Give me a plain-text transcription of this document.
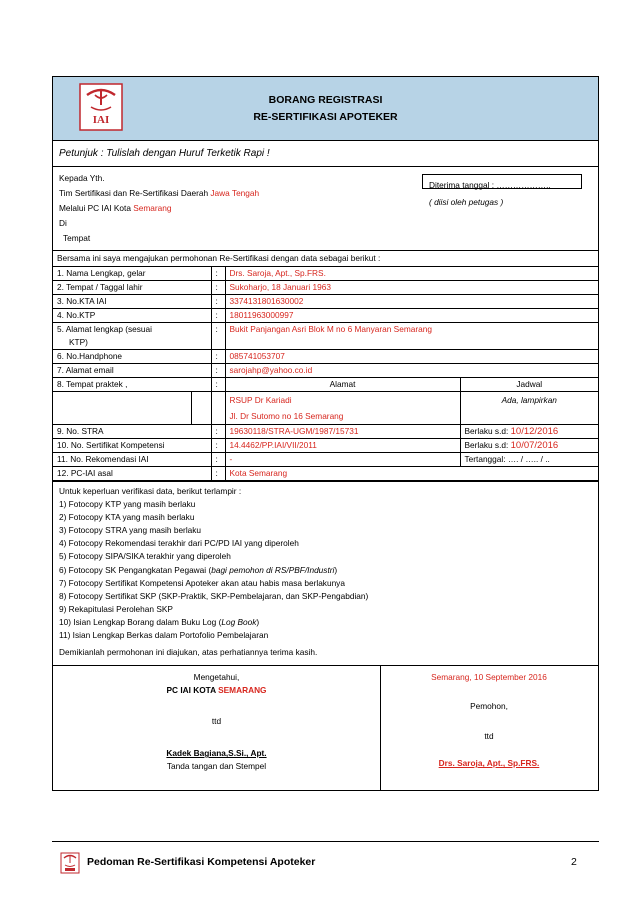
IAI
BORANG REGISTRASI
RE-SERTIFIKASI APOTEKER
Petunjuk : Tulislah dengan Huruf Terketik Rapi !
Kepada Yth.
Tim Sertifikasi dan Re-Sertifikasi Daerah Jawa Tengah
Melalui PC IAI Kota Semarang
Di
Tempat
Diterima tanggal : ………………..
( diisi oleh petugas )
Bersama ini saya mengajukan permohonan Re-Sertifikasi dengan data sebagai berikut :
1. Nama Lengkap, gelar	:	Drs. Saroja, Apt., Sp.FRS.	
2. Tempat / Taggal lahir	:	Sukoharjo, 18 Januari 1963	
3. No.KTA IAI	:	3374131801630002	
4. No.KTP	:	18011963000997	

5. Alamat lengkap (sesuai
KTP)	:	Bukit Panjangan Asri Blok M no 6 Manyaran Semarang	
6. No.Handphone	:	085741053707	
7. Alamat email	:	sarojahp@yahoo.co.id	
8. Tempat praktek ,	:	Alamat	Jadwal

		RSUP Dr Kariadi
Jl. Dr Sutomo no 16 Semarang	Ada, lampirkan
9. No. STRA	:	19630118/STRA-UGM/1987/15731	Berlaku s.d: 10/12/2016
10. No. Sertifikat Kompetensi	:	14.4462/PP.IAI/VII/2011	Berlaku s.d: 10/07/2016
11. No. Rekomendasi IAI	:	-	Tertanggal: …. / ….. / ..
12. PC-IAI asal	:	Kota Semarang	
Untuk keperluan verifikasi data, berikut terlampir :
1) Fotocopy KTP yang masih berlaku
2) Fotocopy KTA yang masih berlaku
3) Fotocopy STRA yang masih berlaku
4) Fotocopy Rekomendasi terakhir dari PC/PD IAI yang diperoleh
5) Fotocopy SIPA/SIKA terakhir yang diperoleh
6) Fotocopy SK Pengangkatan Pegawai (bagi pemohon di RS/PBF/Industri)
7) Fotocopy Sertifikat Kompetensi Apoteker akan atau habis masa berlakunya
8) Fotocopy Sertifikat SKP (SKP-Praktik, SKP-Pembelajaran, dan SKP-Pengabdian)
9) Rekapitulasi Perolehan SKP
10) Isian Lengkap Borang dalam Buku Log (Log Book)
11) Isian Lengkap Berkas dalam Portofolio Pembelajaran
Demikianlah permohonan ini diajukan, atas perhatiannya terima kasih.
Mengetahui,
PC IAI KOTA SEMARANG
ttd
Kadek Bagiana,S.Si., Apt.
Tanda tangan dan Stempel
Semarang, 10 September 2016
Pemohon,
ttd
Drs. Saroja, Apt., Sp.FRS.
Pedoman Re-Sertifikasi Kompetensi Apoteker	2
